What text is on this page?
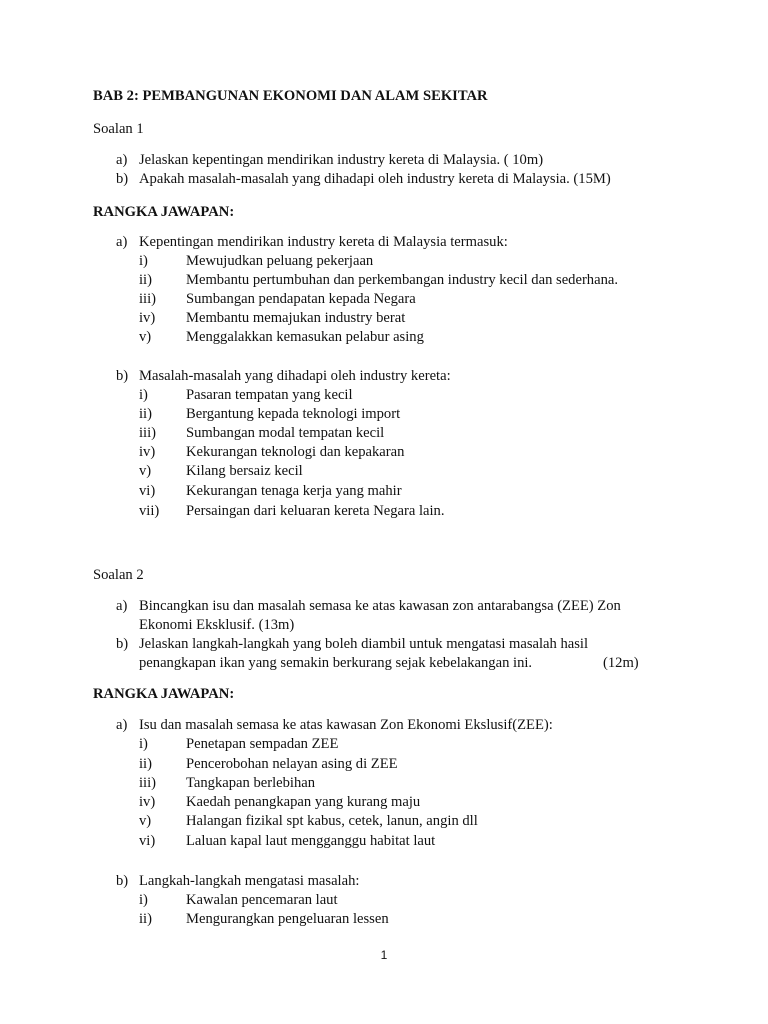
BAB 2: PEMBANGUNAN EKONOMI DAN ALAM SEKITAR
Soalan 1
a) Jelaskan kepentingan mendirikan industry kereta di Malaysia. ( 10m)
b) Apakah masalah-masalah yang dihadapi oleh industry kereta di Malaysia. (15M)
RANGKA JAWAPAN:
a) Kepentingan mendirikan industry kereta di Malaysia termasuk:
i)	Mewujudkan peluang pekerjaan
ii) Membantu pertumbuhan dan perkembangan industry kecil dan sederhana.
iii) Sumbangan pendapatan kepada Negara
iv) Membantu memajukan industry berat
v) Menggalakkan kemasukan pelabur asing
b) Masalah-masalah yang dihadapi oleh industry kereta:
i)	Pasaran tempatan yang kecil
ii) Bergantung kepada teknologi import
iii) Sumbangan modal tempatan kecil
iv) Kekurangan teknologi dan kepakaran
v) Kilang bersaiz kecil
vi) Kekurangan tenaga kerja yang mahir
vii) Persaingan dari keluaran kereta Negara lain.
Soalan 2
a) Bincangkan isu dan masalah semasa ke atas kawasan zon antarabangsa (ZEE) Zon
Ekonomi Eksklusif. (13m)
b) Jelaskan langkah-langkah yang boleh diambil untuk mengatasi masalah hasil
penangkapan ikan yang semakin berkurang sejak kebelakangan ini.	(12m)
RANGKA JAWAPAN:
a) Isu dan masalah semasa ke atas kawasan Zon Ekonomi Ekslusif(ZEE):
i)	Penetapan sempadan ZEE
ii) Pencerobohan nelayan asing di ZEE
iii) Tangkapan berlebihan
iv) Kaedah penangkapan yang kurang maju
v) Halangan fizikal spt kabus, cetek, lanun, angin dll
vi) Laluan kapal laut mengganggu habitat laut
b) Langkah-langkah mengatasi masalah:
i)	Kawalan pencemaran laut
ii) Mengurangkan pengeluaran lessen
1
